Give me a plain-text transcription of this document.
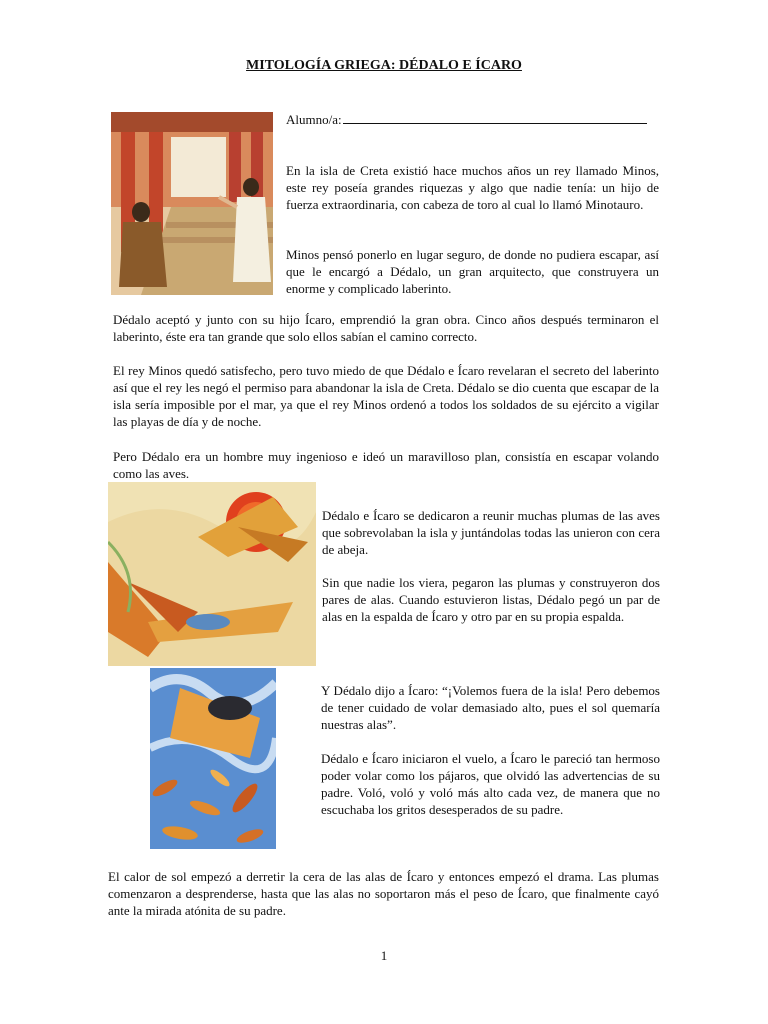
MITOLOGÍA GRIEGA: DÉDALO E ÍCARO
Alumno/a:

En la isla de Creta existió hace muchos años un rey llamado Minos, este rey poseía grandes riquezas y algo que nadie tenía: un hijo de fuerza extraordinaria, con cabeza de toro al cual lo llamó Minotauro.

Minos pensó ponerlo en lugar seguro, de donde no pudiera escapar, así que le encargó a Dédalo, un gran arquitecto, que construyera un enorme y complicado laberinto.

Dédalo aceptó y junto con su hijo Ícaro, emprendió la gran obra. Cinco años después terminaron el laberinto, éste era tan grande que solo ellos sabían el camino correcto.

El rey Minos quedó satisfecho, pero tuvo miedo de que Dédalo e Ícaro revelaran el secreto del laberinto así que el rey les negó el permiso para abandonar la isla de Creta. Dédalo se dio cuenta que escapar de la isla sería imposible por el mar, ya que el rey Minos ordenó a todos los soldados de su ejército a vigilar las playas de día y de noche.

Pero Dédalo era un hombre muy ingenioso e ideó un maravilloso plan, consistía en escapar volando como las aves.

Dédalo e Ícaro se dedicaron a reunir muchas plumas de las aves que sobrevolaban la isla y juntándolas todas las unieron con cera de abeja.

Sin que nadie los viera, pegaron las plumas y construyeron dos pares de alas. Cuando estuvieron listas, Dédalo pegó un par de alas en la espalda de Ícaro y otro par en su propia espalda.

Y Dédalo dijo a Ícaro: “¡Volemos fuera de la isla! Pero debemos de tener cuidado de volar demasiado alto, pues el sol quemaría nuestras alas”.

Dédalo e Ícaro iniciaron el vuelo, a Ícaro le pareció tan hermoso poder volar como los pájaros, que olvidó las advertencias de su padre. Voló, voló y voló más alto cada vez, de manera que no escuchaba los gritos desesperados de su padre.

El calor de sol empezó a derretir la cera de las alas de Ícaro y entonces empezó el drama. Las plumas comenzaron a desprenderse, hasta que las alas no soportaron más el peso de Ícaro, que finalmente cayó ante la mirada atónita de su padre.

1
